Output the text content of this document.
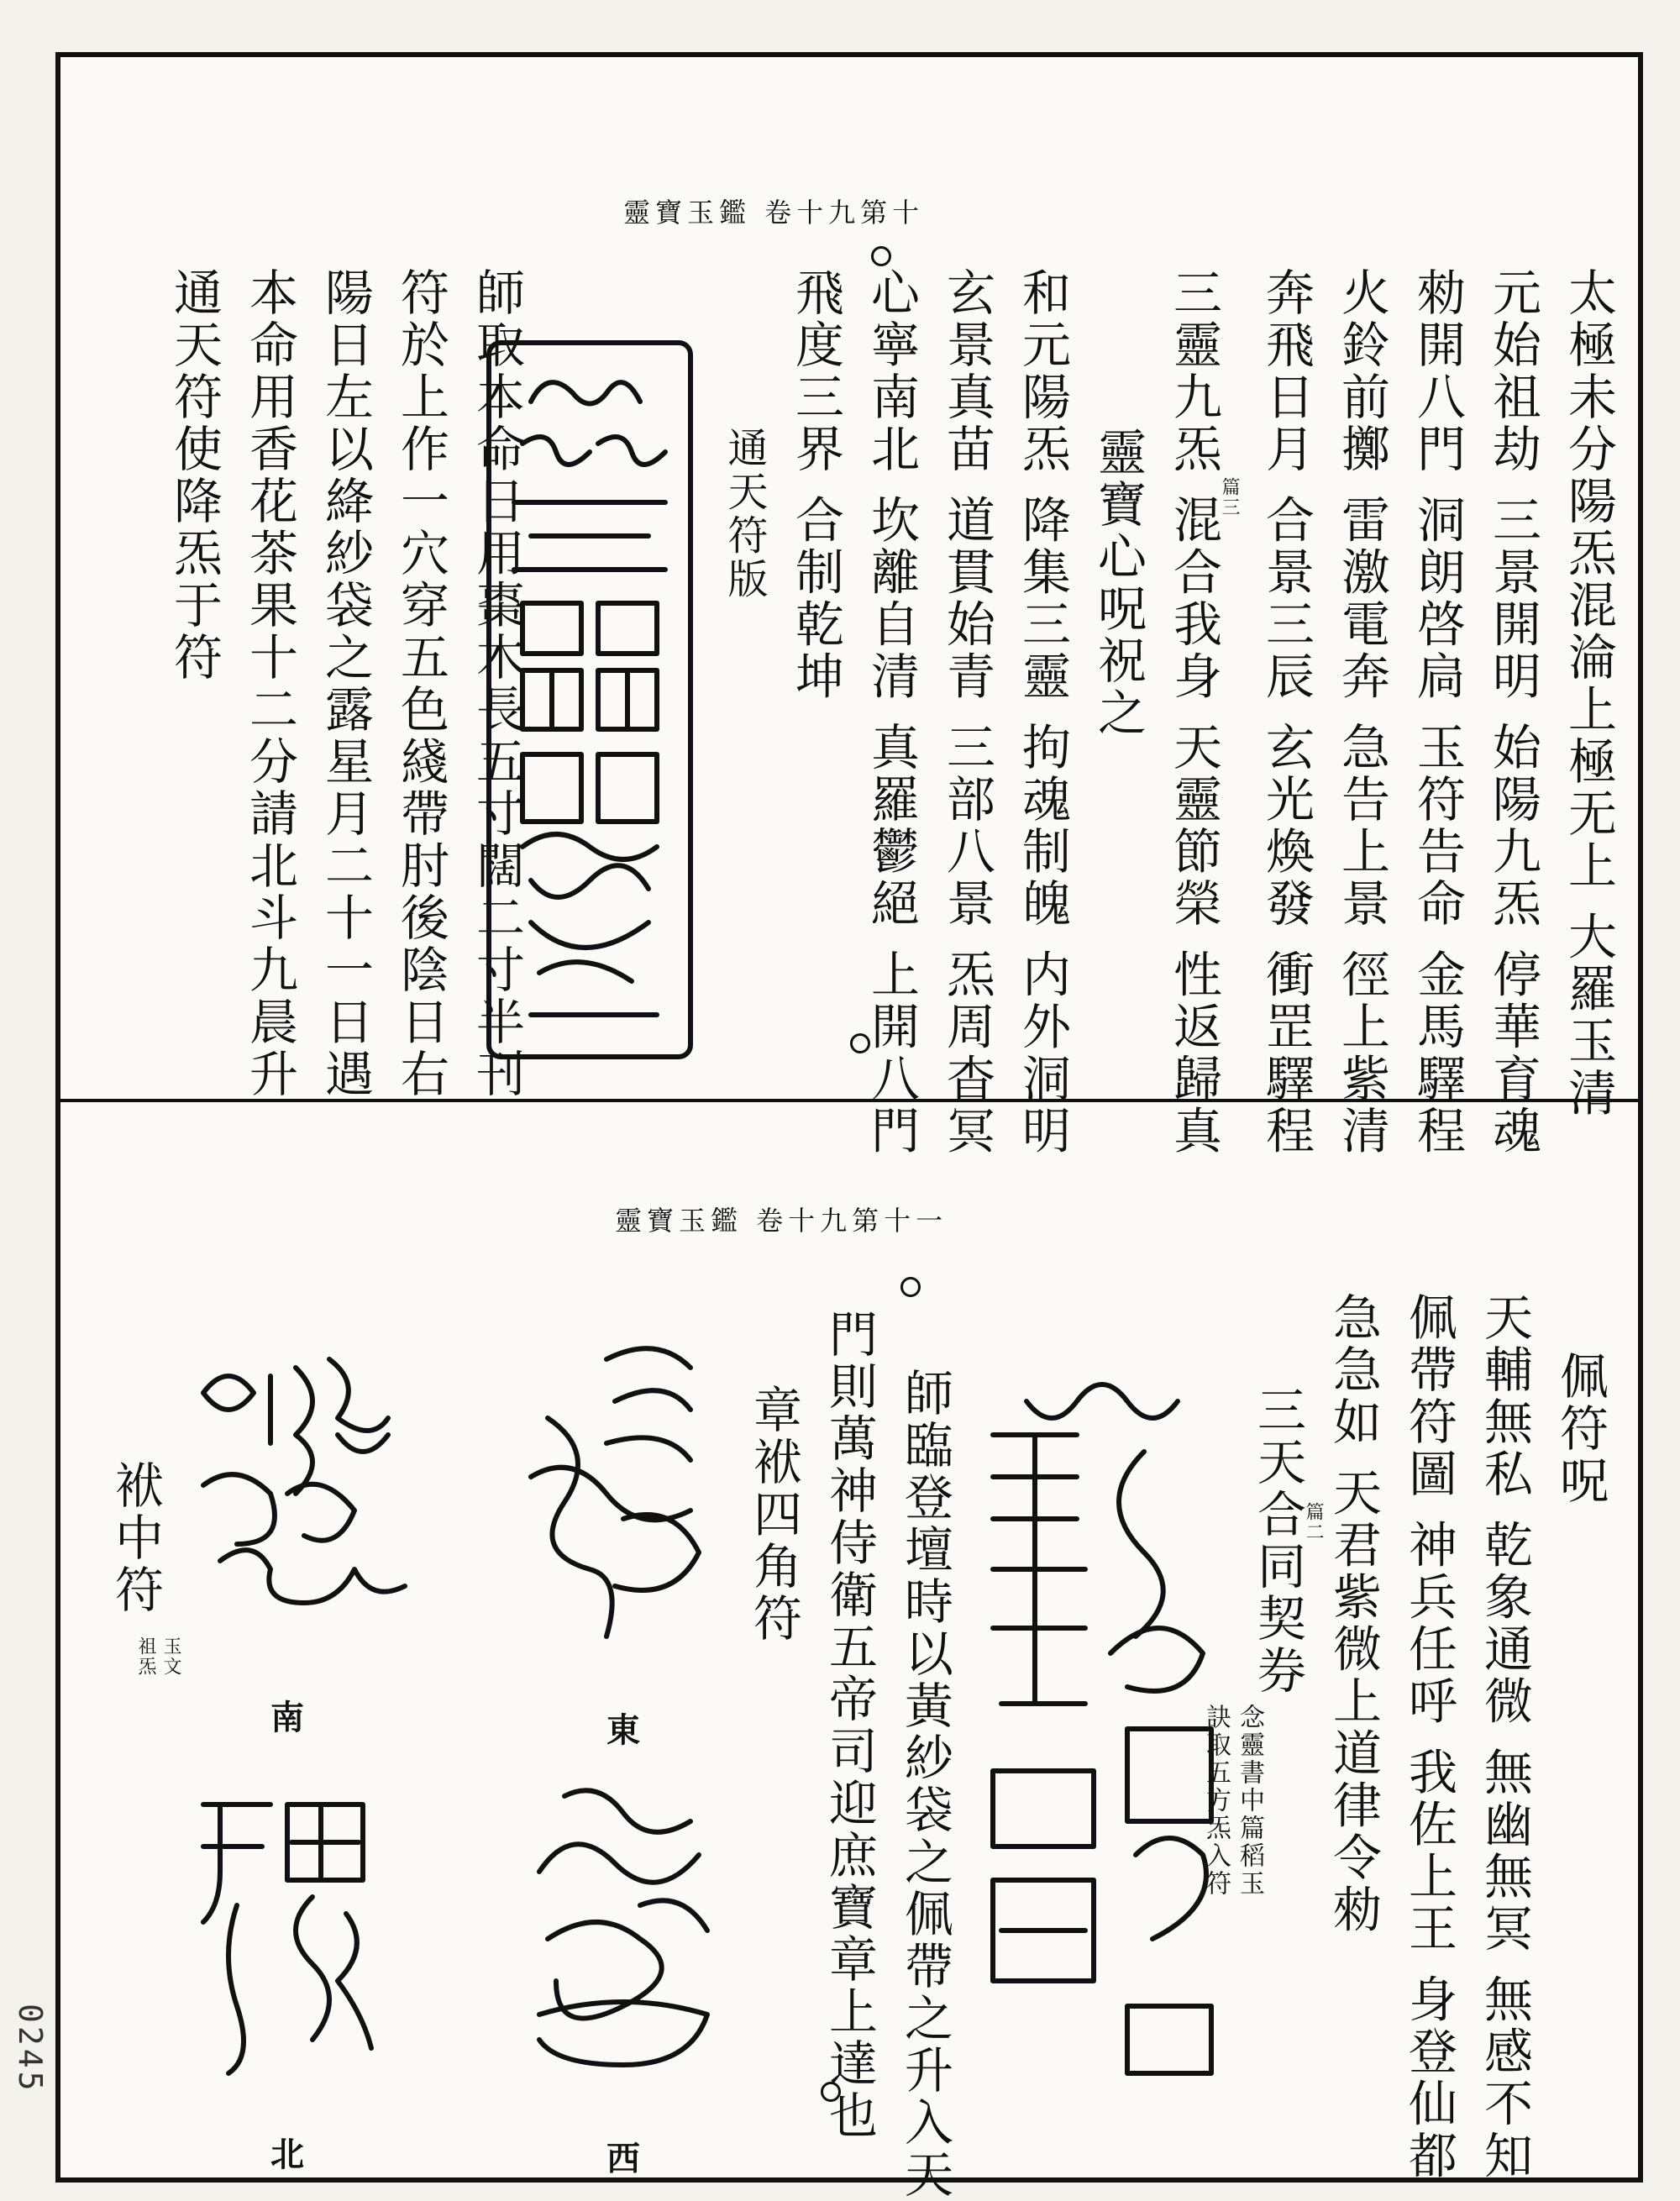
靈寶玉鑑 卷十九第十
太極未分陽炁混淪上極无上 大羅玉清
元始祖劫 三景開明 始陽九炁 停華育魂
勑開八門 洞朗啓扃 玉符告命 金馬驛程
火鈴前擲 雷激電奔 急告上景 徑上紫清
奔飛日月 合景三辰 玄光煥發 衝罡驛程
三靈九炁 混合我身 天靈節榮 性返歸真
篇三
靈寶心呪祝之
和元陽炁 降集三靈 拘魂制魄 内外洞明
玄景真苗 道貫始青 三部八景 炁周杳冥
心寧南北 坎離自清 真羅鬱絕 上開八門
飛度三界 合制乾坤
通天符版
師取本命日用棗木長五寸闊二寸半刊
符於上作一穴穿五色綫帶肘後陰日右
陽日左以絳紗袋之露星月二十一日遇
本命用香花茶果十二分請北斗九晨升
通天符使降炁于符
靈寶玉鑑 卷十九第十一
佩符呪
天輔無私 乾象通微 無幽無冥 無感不知
佩帶符圖 神兵任呼 我佐上王 身登仙都
急急如 天君紫微上道律令勑
三天合同契券
篇二
念靈書中篇稻玉
訣取五方炁入符
師臨登壇時以黃紗袋之佩帶之升入天
門則萬神侍衛五帝司迎庶寶章上達也
章袱四角符
東
西
南
北
袱中符
玉文
祖炁
0245
